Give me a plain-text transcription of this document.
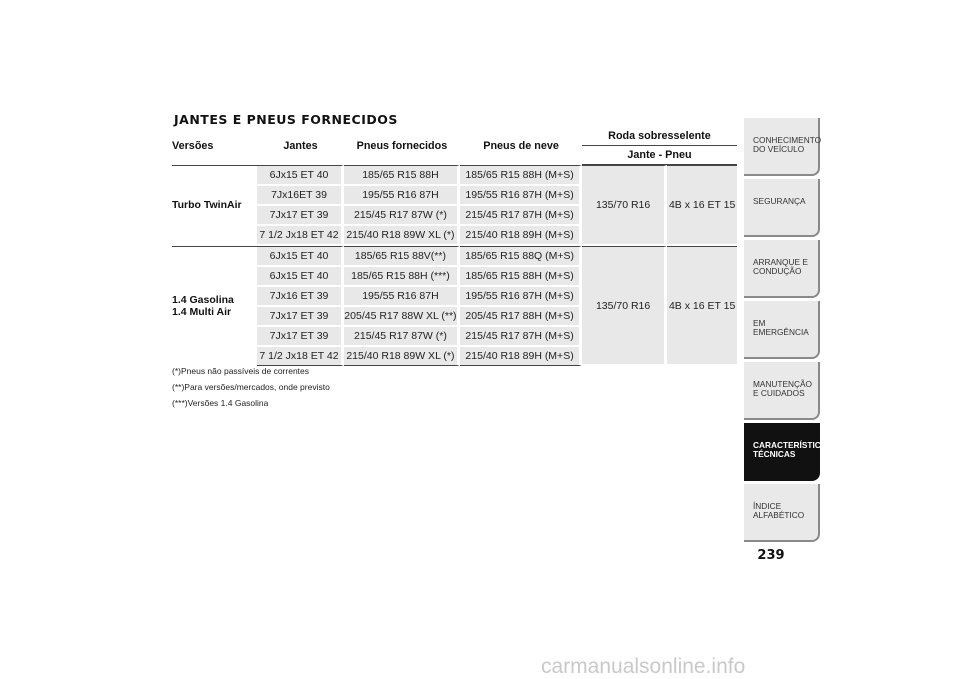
JANTES E PNEUS FORNECIDOS
Versões	Jantes	Pneus fornecidos	Pneus de neve	Roda sobresselente	
				Jante - Pneu	
Turbo TwinAir	6Jx15 ET 40	185/65 R15 88H	185/65 R15 88H (M+S)	135/70 R16	4B x 16 ET 15
	7Jx16ET 39	195/55 R16 87H	195/55 R16 87H (M+S)		
	7Jx17 ET 39	215/45 R17 87W (*)	215/45 R17 87H (M+S)		
	7 1/2 Jx18 ET 42	215/40 R18 89W XL (*)	215/40 R18 89H (M+S)		

1.4 Gasolina
1.4 Multi Air	6Jx15 ET 40	185/65 R15 88V(**)	185/65 R15 88Q (M+S)	135/70 R16	4B x 16 ET 15
	6Jx15 ET 40	185/65 R15 88H (***)	185/65 R15 88H (M+S)		
	7Jx16 ET 39	195/55 R16 87H	195/55 R16 87H (M+S)		
	7Jx17 ET 39	205/45 R17 88W XL (**)	205/45 R17 88H (M+S)		
	7Jx17 ET 39	215/45 R17 87W (*)	215/45 R17 87H (M+S)		
	7 1/2 Jx18 ET 42	215/40 R18 89W XL (*)	215/40 R18 89H (M+S)		
(*)Pneus não passíveis de correntes
(**)Para versões/mercados, onde previsto
(***)Versões 1.4 Gasolina
CONHECIMENTO DO VEÍCULO
SEGURANÇA
ARRANQUE E CONDUÇÃO
EM EMERGÊNCIA
MANUTENÇÃO E CUIDADOS
CARACTERÍSTICAS TÉCNICAS
ÍNDICE ALFABÉTICO
239
carmanualsonline.info
